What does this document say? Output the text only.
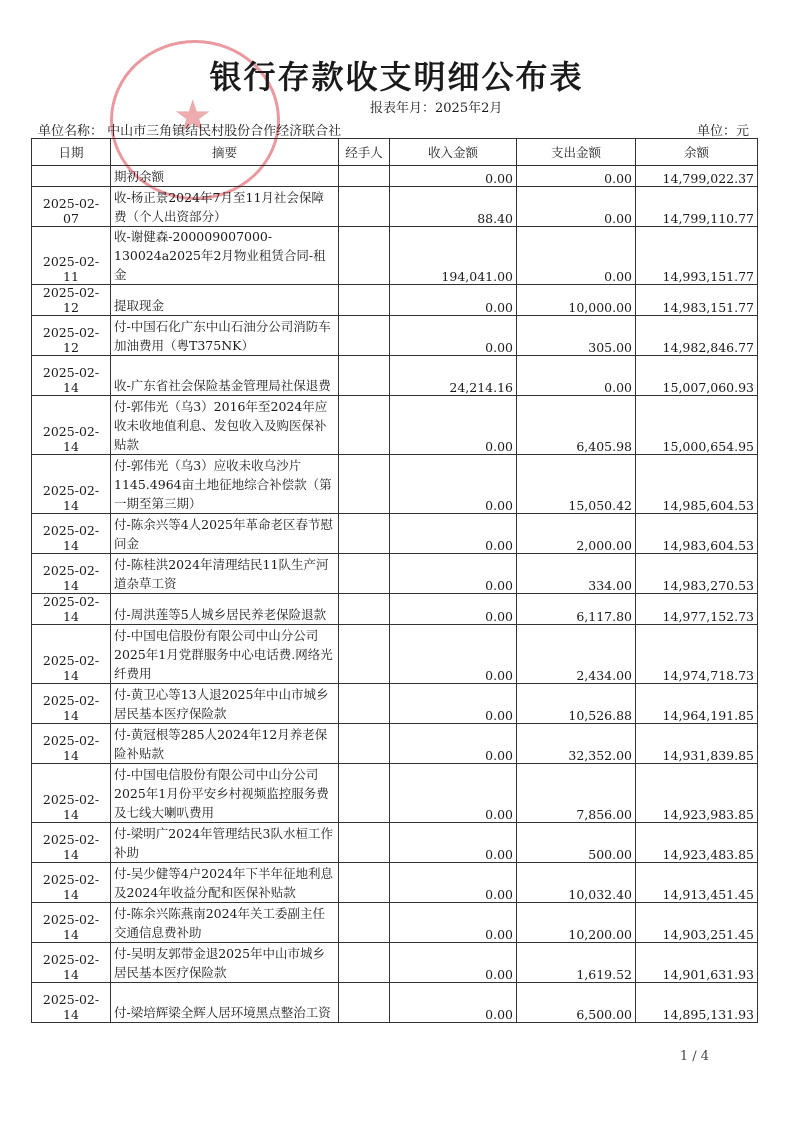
★
银行存款收支明细公布表
报表年月：2025年2月
单位名称： 中山市三角镇结民村股份合作经济联合社	单位：元
日期	摘要	经手人	收入金额	支出金额	余额
	期初余额		0.00	0.00	14,799,022.37
2025-02-07	收-杨正景2024年7月至11月社会保障费（个人出资部分）		88.40	0.00	14,799,110.77
2025-02-11	收-谢健森-200009007000-130024a2025年2月物业租赁合同-租金		194,041.00	0.00	14,993,151.77
2025-02-12	提取现金		0.00	10,000.00	14,983,151.77
2025-02-12	付-中国石化广东中山石油分公司消防车加油费用（粤T375NK）		0.00	305.00	14,982,846.77
2025-02-14	收-广东省社会保险基金管理局社保退费		24,214.16	0.00	15,007,060.93
2025-02-14	付-郭伟光（乌3）2016年至2024年应收未收地值利息、发包收入及购医保补贴款		0.00	6,405.98	15,000,654.95
2025-02-14	付-郭伟光（乌3）应收未收乌沙片1145.4964亩土地征地综合补偿款（第一期至第三期）		0.00	15,050.42	14,985,604.53
2025-02-14	付-陈余兴等4人2025年革命老区春节慰问金		0.00	2,000.00	14,983,604.53
2025-02-14	付-陈桂洪2024年清理结民11队生产河道杂草工资		0.00	334.00	14,983,270.53
2025-02-14	付-周洪莲等5人城乡居民养老保险退款		0.00	6,117.80	14,977,152.73
2025-02-14	付-中国电信股份有限公司中山分公司2025年1月党群服务中心电话费.网络光纤费用		0.00	2,434.00	14,974,718.73
2025-02-14	付-黄卫心等13人退2025年中山市城乡居民基本医疗保险款		0.00	10,526.88	14,964,191.85
2025-02-14	付-黄冠根等285人2024年12月养老保险补贴款		0.00	32,352.00	14,931,839.85
2025-02-14	付-中国电信股份有限公司中山分公司2025年1月份平安乡村视频监控服务费及七线大喇叭费用		0.00	7,856.00	14,923,983.85
2025-02-14	付-梁明广2024年管理结民3队水桓工作补助		0.00	500.00	14,923,483.85
2025-02-14	付-吴少健等4户2024年下半年征地利息及2024年收益分配和医保补贴款		0.00	10,032.40	14,913,451.45
2025-02-14	付-陈余兴陈燕南2024年关工委副主任交通信息费补助		0.00	10,200.00	14,903,251.45
2025-02-14	付-吴明友郭带金退2025年中山市城乡居民基本医疗保险款		0.00	1,619.52	14,901,631.93
2025-02-14	付-梁培辉梁全辉人居环境黑点整治工资		0.00	6,500.00	14,895,131.93
1 / 4
